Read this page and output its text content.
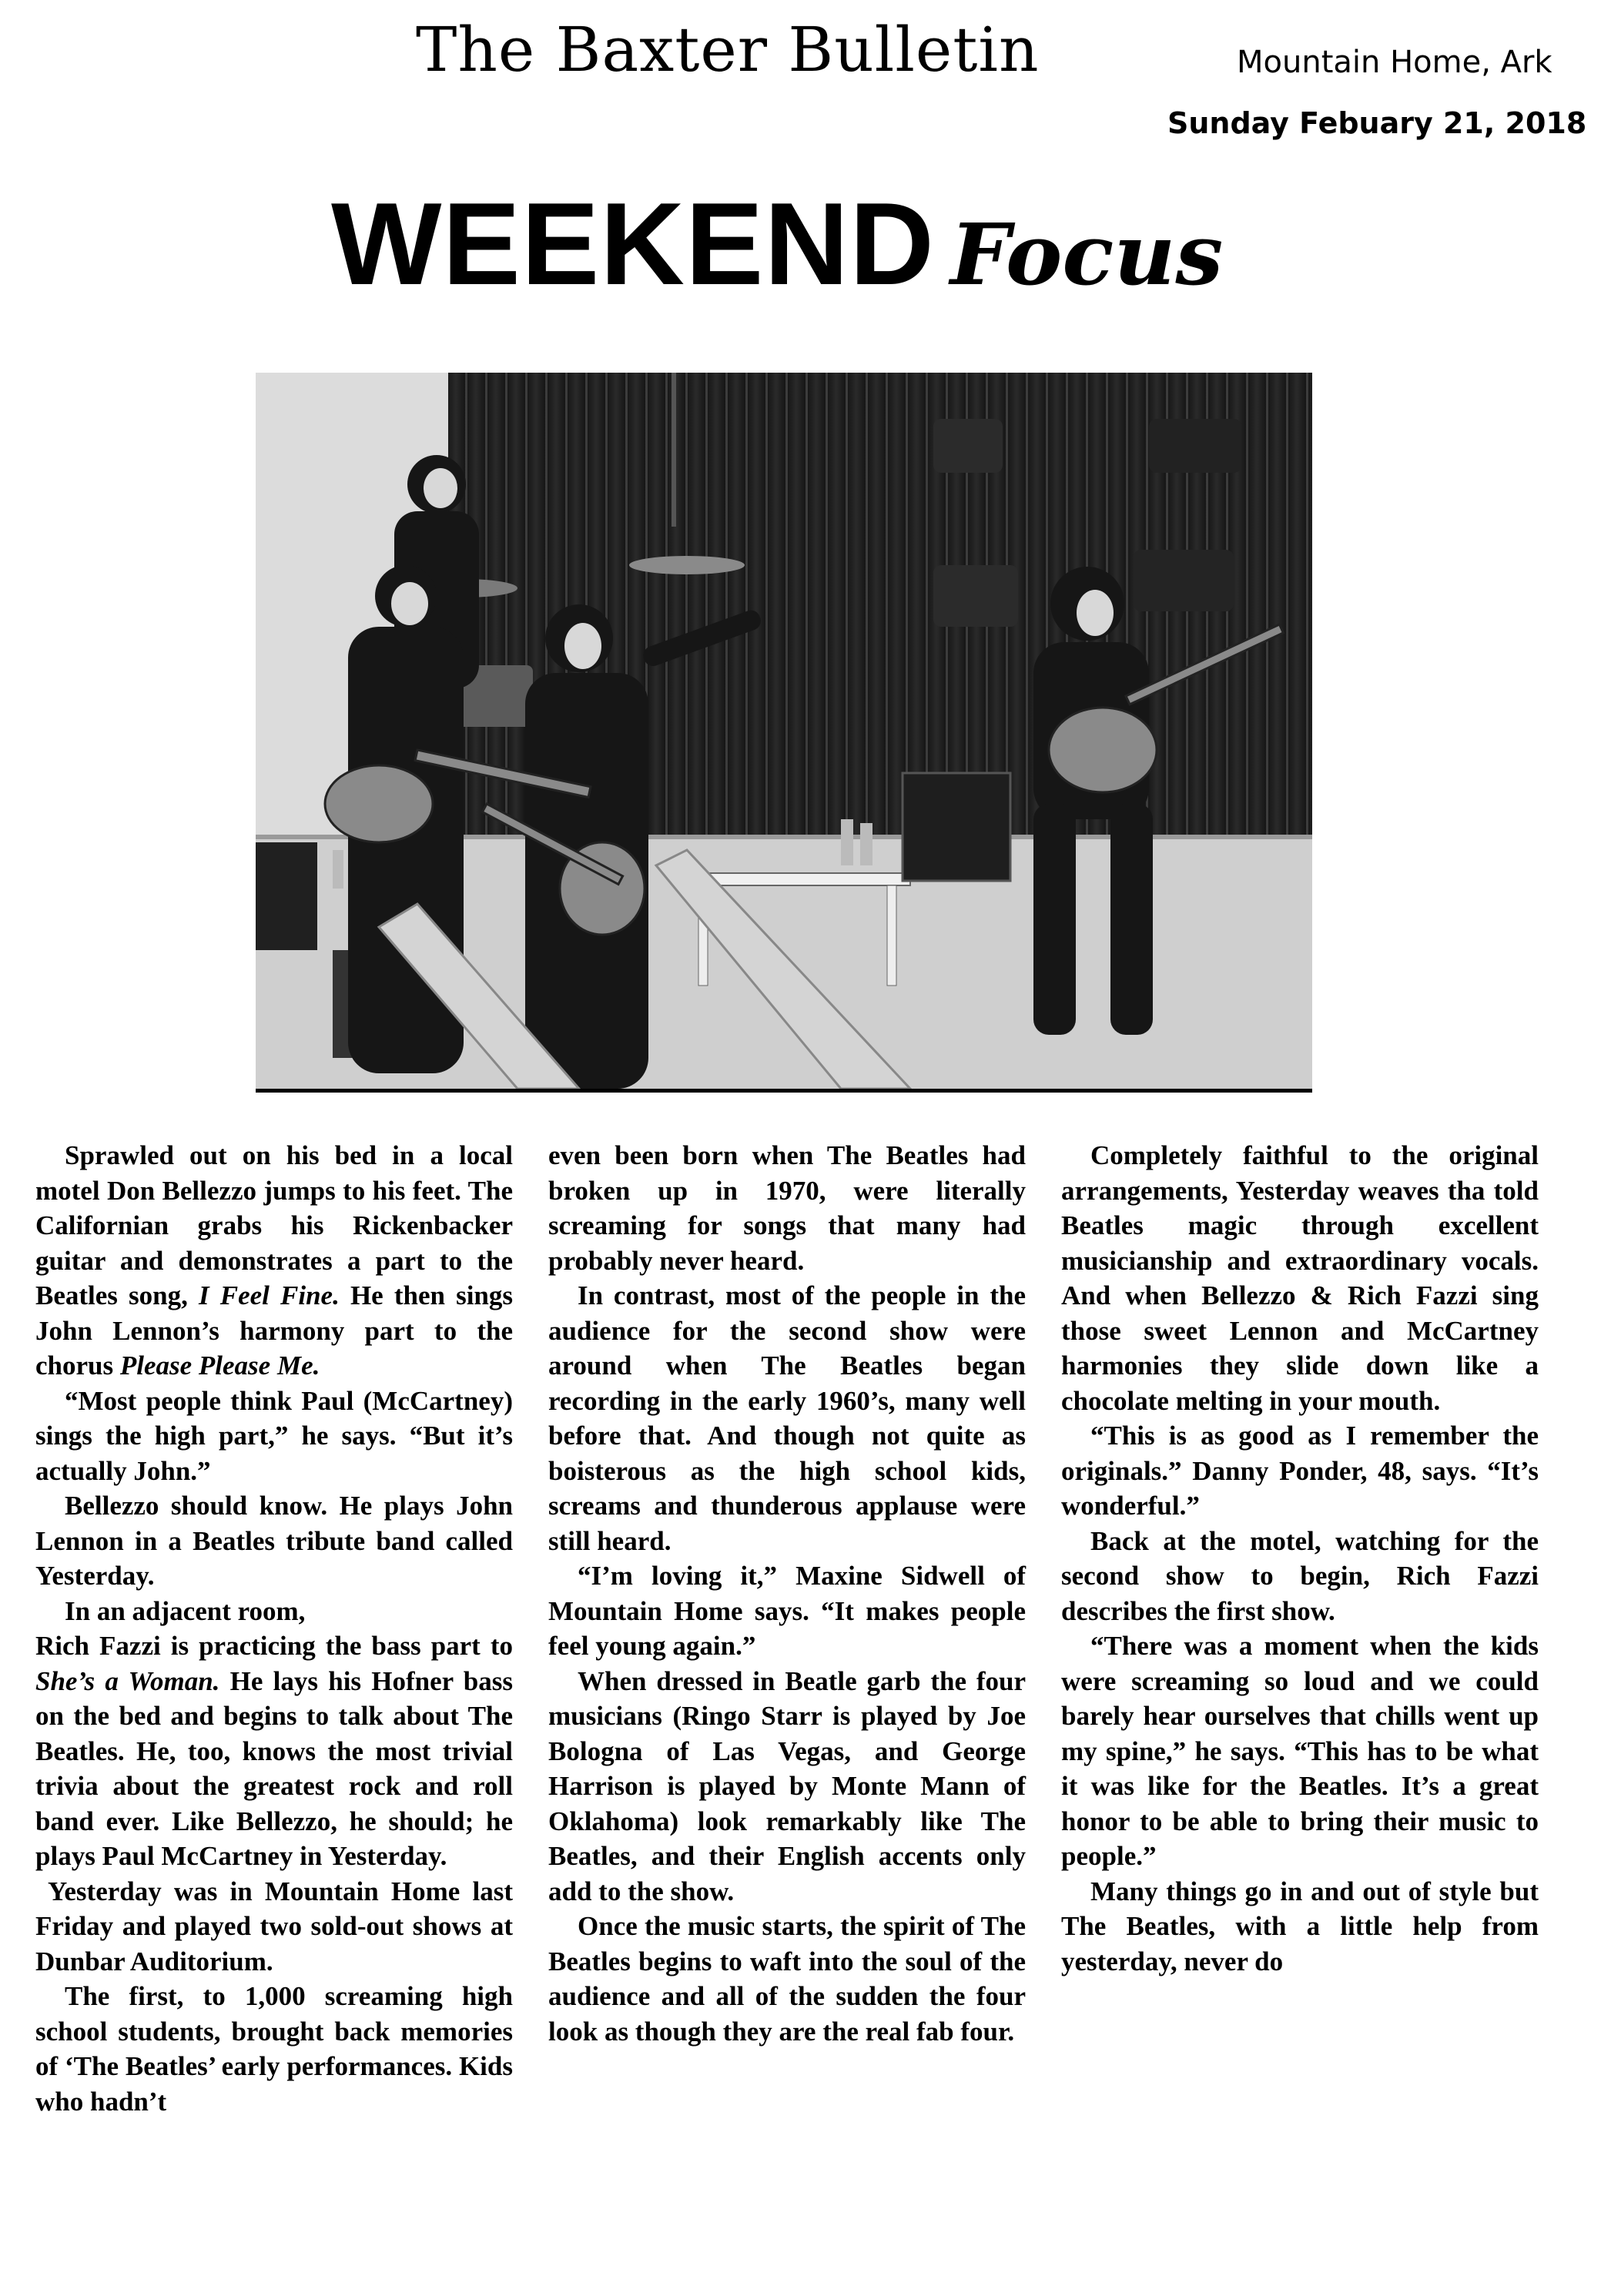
The Baxter Bulletin	Mountain Home, Ark
Sunday Febuary 21, 2018
WEEKEND Focus

Sprawled out on his bed in a local motel Don Bellezzo jumps to his feet. The Californian grabs his Rickenbacker guitar and demonstrates a part to the Beatles song, I Feel Fine. He then sings John Lennon’s harmony part to the chorus Please Please Me.

“Most people think Paul (McCartney) sings the high part,” he says. “But it’s actually John.”

Bellezzo should know. He plays John Lennon in a Beatles tribute band called Yesterday.

In an adjacent room,

Rich Fazzi is practicing the bass part to She’s a Woman. He lays his Hofner bass on the bed and begins to talk about The Beatles. He, too, knows the most trivial trivia about the greatest rock and roll band ever. Like Bellezzo, he should; he plays Paul McCartney in Yesterday.

Yesterday was in Mountain Home last Friday and played two sold-out shows at Dunbar Auditorium.

The first, to 1,000 screaming high school students, brought back memories of ‘The Beatles’ early performances. Kids who hadn’t

even been born when The Beatles had broken up in 1970, were literally screaming for songs that many had probably never heard.

In contrast, most of the people in the audience for the second show were around when The Beatles began recording in the early 1960’s, many well before that. And though not quite as boisterous as the high school kids, screams and thunderous applause were still heard.

“I’m loving it,” Maxine Sidwell of Mountain Home says. “It makes people feel young again.”

When dressed in Beatle garb the four musicians (Ringo Starr is played by Joe Bologna of Las Vegas, and George Harrison is played by Monte Mann of Oklahoma) look remarkably like The Beatles, and their English accents only add to the show.

Once the music starts, the spirit of The Beatles begins to waft into the soul of the audience and all of the sudden the four look as though they are the real fab four.

Completely faithful to the original arrangements, Yesterday weaves tha told Beatles magic through excellent musicianship and extraordinary vocals. And when Bellezzo & Rich Fazzi sing those sweet Lennon and McCartney harmonies they slide down like a chocolate melting in your mouth.

“This is as good as I remember the originals.” Danny Ponder, 48, says. “It’s wonderful.”

Back at the motel, watching for the second show to begin, Rich Fazzi describes the first show.

“There was a moment when the kids were screaming so loud and we could barely hear ourselves that chills went up my spine,” he says. “This has to be what it was like for the Beatles. It’s a great honor to be able to bring their music to people.”

Many things go in and out of style but The Beatles, with a little help from yesterday, never do
